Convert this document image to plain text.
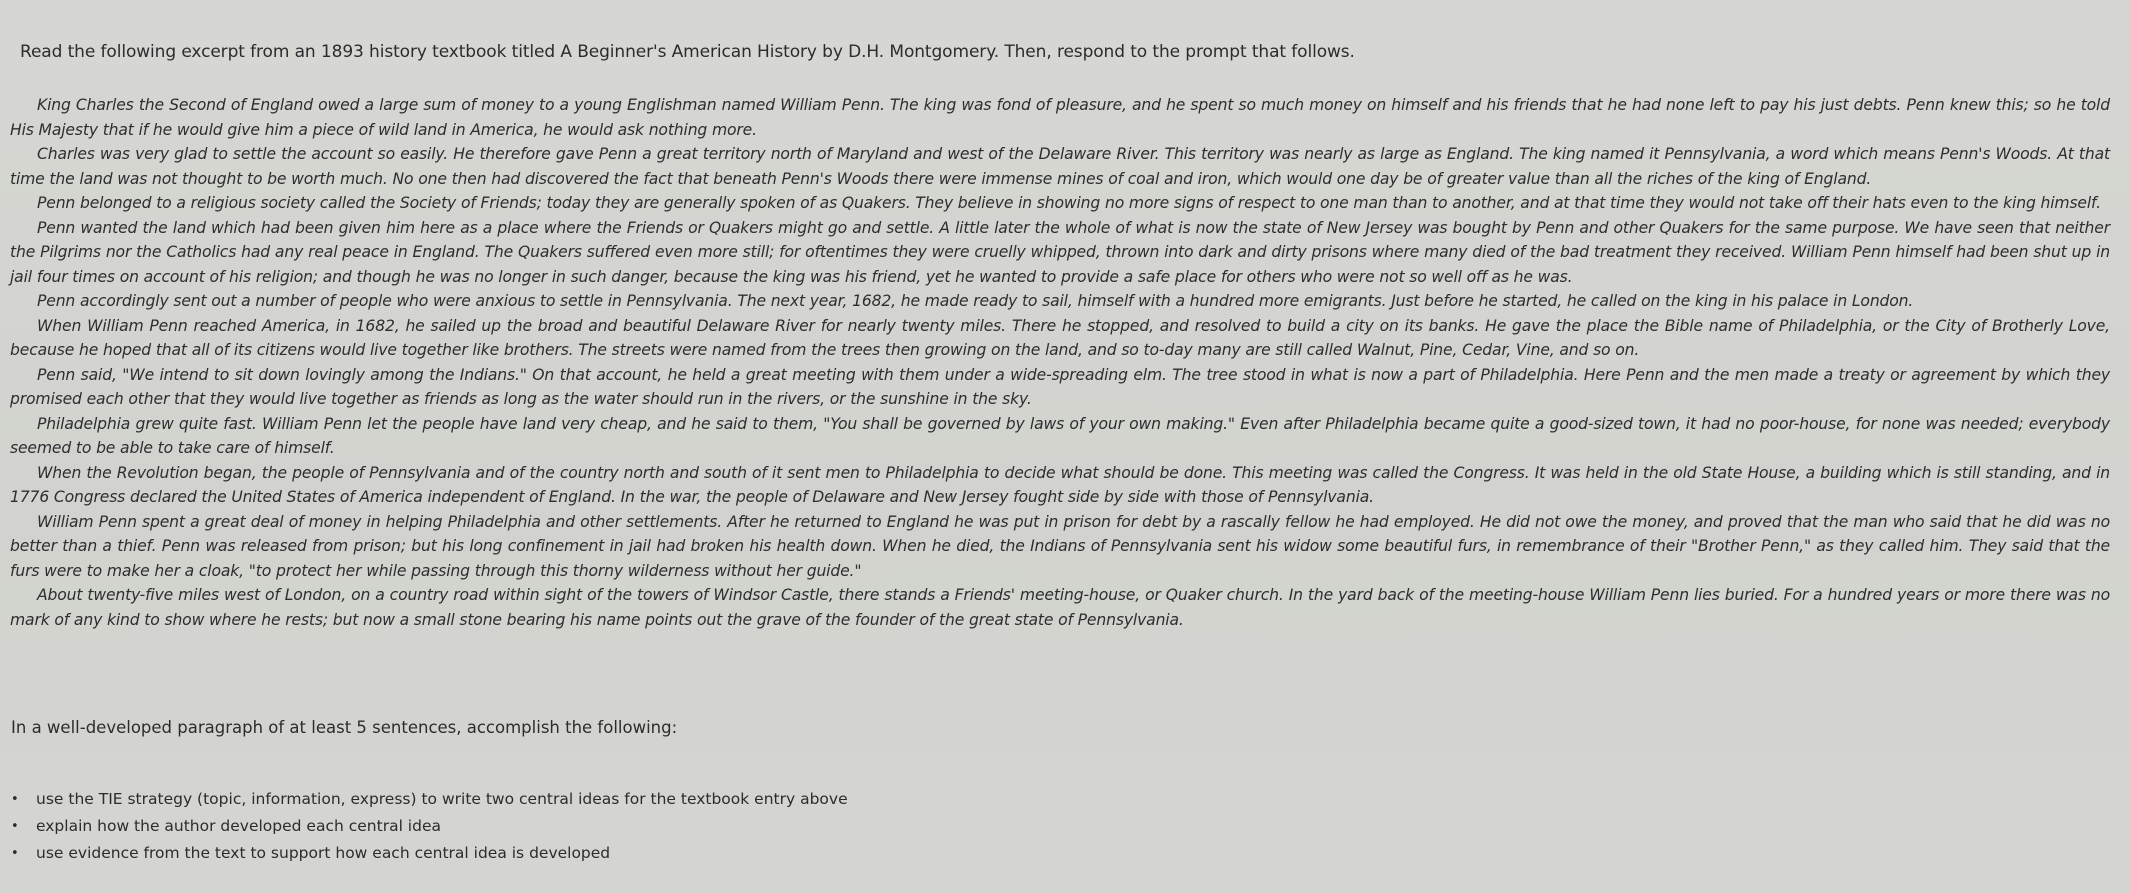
Read the following excerpt from an 1893 history textbook titled A Beginner's American History by D.H. Montgomery. Then, respond to the prompt that follows.

King Charles the Second of England owed a large sum of money to a young Englishman named William Penn. The king was fond of pleasure, and he spent so much money on himself and his friends that he had none left to pay his just debts. Penn knew this; so he told His Majesty that if he would give him a piece of wild land in America, he would ask nothing more.

Charles was very glad to settle the account so easily. He therefore gave Penn a great territory north of Maryland and west of the Delaware River. This territory was nearly as large as England. The king named it Pennsylvania, a word which means Penn's Woods. At that time the land was not thought to be worth much. No one then had discovered the fact that beneath Penn's Woods there were immense mines of coal and iron, which would one day be of greater value than all the riches of the king of England.

Penn belonged to a religious society called the Society of Friends; today they are generally spoken of as Quakers. They believe in showing no more signs of respect to one man than to another, and at that time they would not take off their hats even to the king himself.

Penn wanted the land which had been given him here as a place where the Friends or Quakers might go and settle. A little later the whole of what is now the state of New Jersey was bought by Penn and other Quakers for the same purpose. We have seen that neither the Pilgrims nor the Catholics had any real peace in England. The Quakers suffered even more still; for oftentimes they were cruelly whipped, thrown into dark and dirty prisons where many died of the bad treatment they received. William Penn himself had been shut up in jail four times on account of his religion; and though he was no longer in such danger, because the king was his friend, yet he wanted to provide a safe place for others who were not so well off as he was.

Penn accordingly sent out a number of people who were anxious to settle in Pennsylvania. The next year, 1682, he made ready to sail, himself with a hundred more emigrants. Just before he started, he called on the king in his palace in London.

When William Penn reached America, in 1682, he sailed up the broad and beautiful Delaware River for nearly twenty miles. There he stopped, and resolved to build a city on its banks. He gave the place the Bible name of Philadelphia, or the City of Brotherly Love, because he hoped that all of its citizens would live together like brothers. The streets were named from the trees then growing on the land, and so to-day many are still called Walnut, Pine, Cedar, Vine, and so on.

Penn said, "We intend to sit down lovingly among the Indians." On that account, he held a great meeting with them under a wide-spreading elm. The tree stood in what is now a part of Philadelphia. Here Penn and the men made a treaty or agreement by which they promised each other that they would live together as friends as long as the water should run in the rivers, or the sunshine in the sky.

Philadelphia grew quite fast. William Penn let the people have land very cheap, and he said to them, "You shall be governed by laws of your own making." Even after Philadelphia became quite a good-sized town, it had no poor-house, for none was needed; everybody seemed to be able to take care of himself.

When the Revolution began, the people of Pennsylvania and of the country north and south of it sent men to Philadelphia to decide what should be done. This meeting was called the Congress. It was held in the old State House, a building which is still standing, and in 1776 Congress declared the United States of America independent of England. In the war, the people of Delaware and New Jersey fought side by side with those of Pennsylvania.

William Penn spent a great deal of money in helping Philadelphia and other settlements. After he returned to England he was put in prison for debt by a rascally fellow he had employed. He did not owe the money, and proved that the man who said that he did was no better than a thief. Penn was released from prison; but his long confinement in jail had broken his health down. When he died, the Indians of Pennsylvania sent his widow some beautiful furs, in remembrance of their "Brother Penn," as they called him. They said that the furs were to make her a cloak, "to protect her while passing through this thorny wilderness without her guide."

About twenty-five miles west of London, on a country road within sight of the towers of Windsor Castle, there stands a Friends' meeting-house, or Quaker church. In the yard back of the meeting-house William Penn lies buried. For a hundred years or more there was no mark of any kind to show where he rests; but now a small stone bearing his name points out the grave of the founder of the great state of Pennsylvania.

In a well-developed paragraph of at least 5 sentences, accomplish the following:
• use the TIE strategy (topic, information, express) to write two central ideas for the textbook entry above
• explain how the author developed each central idea
• use evidence from the text to support how each central idea is developed
